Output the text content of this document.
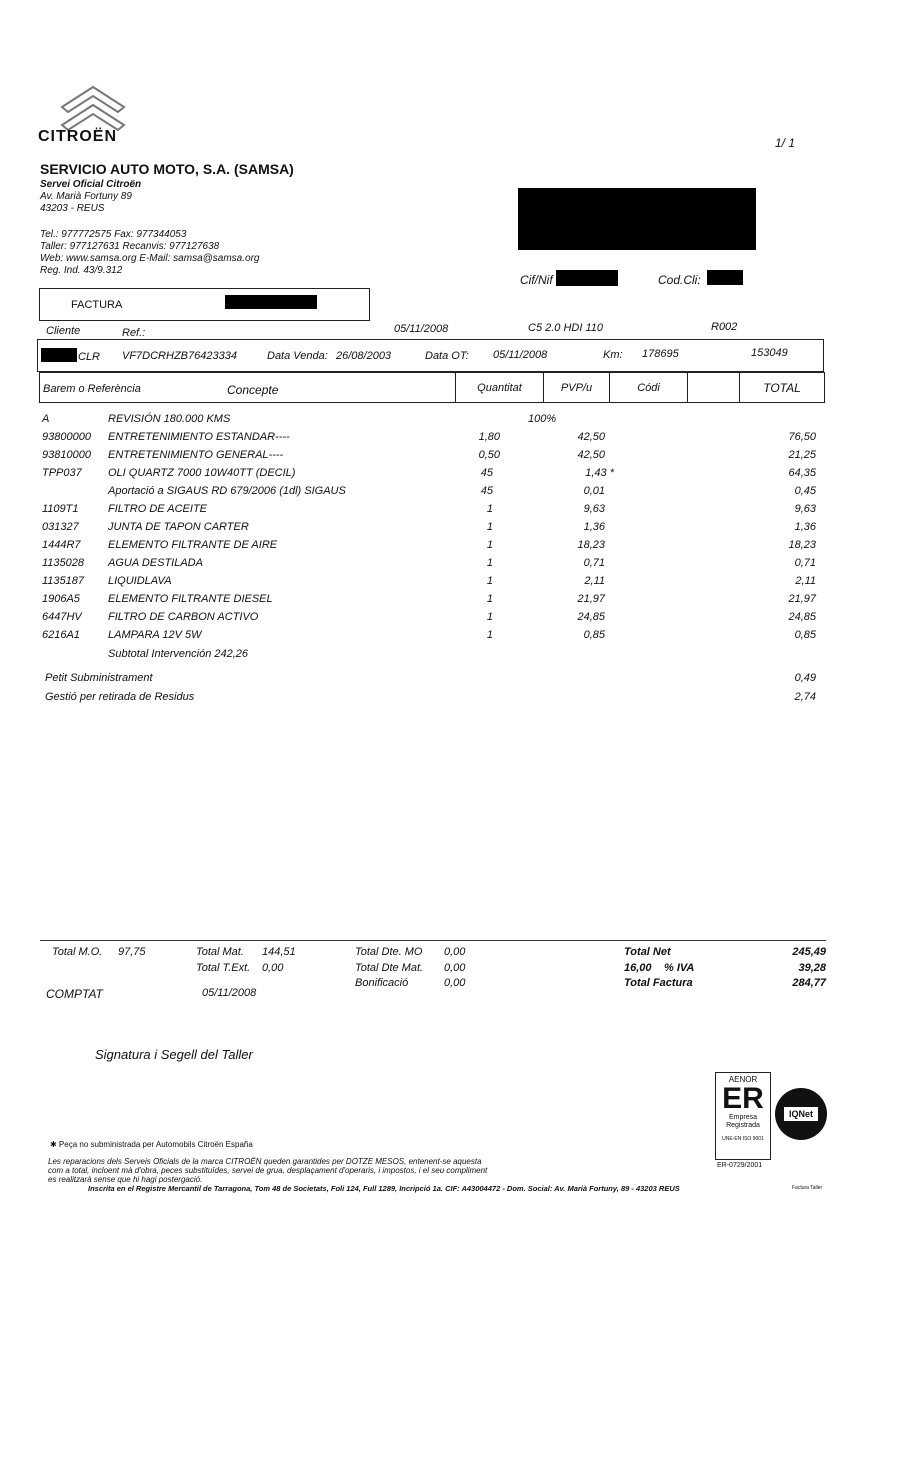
CITROËN	1/ 1
SERVICIO AUTO MOTO, S.A. (SAMSA)
Servei Oficial Citroën
Av. Marià Fortuny 89
43203 - REUS
Tel.: 977772575 Fax: 977344053
Taller: 977127631 Recanvis: 977127638
Web: www.samsa.org E-Mail: samsa@samsa.org
Reg. Ind. 43/9.312
Cif/Nif	Cod.Cli:
FACTURA
Cliente	Ref.:	05/11/2008	C5 2.0 HDI 110	R002
CLR VF7DCRHZB76423334	Data Venda: 26/08/2003	Data OT: 05/11/2008	Km: 178695	153049
Barem o Referència	Concepte	Quantitat	PVP/u	Códi	TOTAL
A	REVISIÓN 180.000 KMS	100%
93800000 ENTRETENIMIENTO ESTANDAR----	1,80	42,50	76,50
93810000 ENTRETENIMIENTO GENERAL----	0,50	42,50	21,25
TPP037 OLI QUARTZ 7000 10W40TT (DECIL)	45	1,43 *	64,35
Aportació a SIGAUS RD 679/2006 (1dl) SIGAUS	45	0,01	0,45
1109T1	FILTRO DE ACEITE	1	9,63	9,63
031327	JUNTA DE TAPON CARTER	1	1,36	1,36
1444R7 ELEMENTO FILTRANTE DE AIRE	1	18,23	18,23
1135028 AGUA DESTILADA	1	0,71	0,71
1135187 LIQUIDLAVA	1	2,11	2,11
1906A5	ELEMENTO FILTRANTE DIESEL	1	21,97	21,97
6447HV FILTRO DE CARBON ACTIVO	1	24,85	24,85
6216A1	LAMPARA 12V 5W	1	0,85	0,85
Subtotal Intervención 242,26
Petit Subministrament	0,49
Gestió per retirada de Residus	2,74
Total M.O. 97,75	Total Mat. 144,51	Total Dte. MO 0,00	Total Net	245,49
Total T.Ext. 0,00	Total Dte Mat. 0,00	16,00 % IVA	39,28
Bonificació	0,00	Total Factura	284,77
COMPTAT	05/11/2008
Signatura i Segell del Taller
AENOR
ER
Empresa
Registrada
UNE-EN ISO 9001
ER-0729/2001
IQNet
✱ Peça no subministrada per Automobils Citroën España
Les reparacions dels Serveis Oficials de la marca CITROËN queden garantides per DOTZE MESOS, entenent-se aquesta
com a total, incloent mà d'obra, peces substituïdes, servei de grua, desplaçament d'operaris, i impostos, i el seu compliment
es realitzarà sense que hi hagi postergació.
Inscrita en el Registre Mercantil de Tarragona, Tom 48 de Societats, Foli 124, Full 1289, Incripció 1a. CIF: A43004472 - Dom. Social: Av. Marià Fortuny, 89 - 43203 REUS	Factura Taller
